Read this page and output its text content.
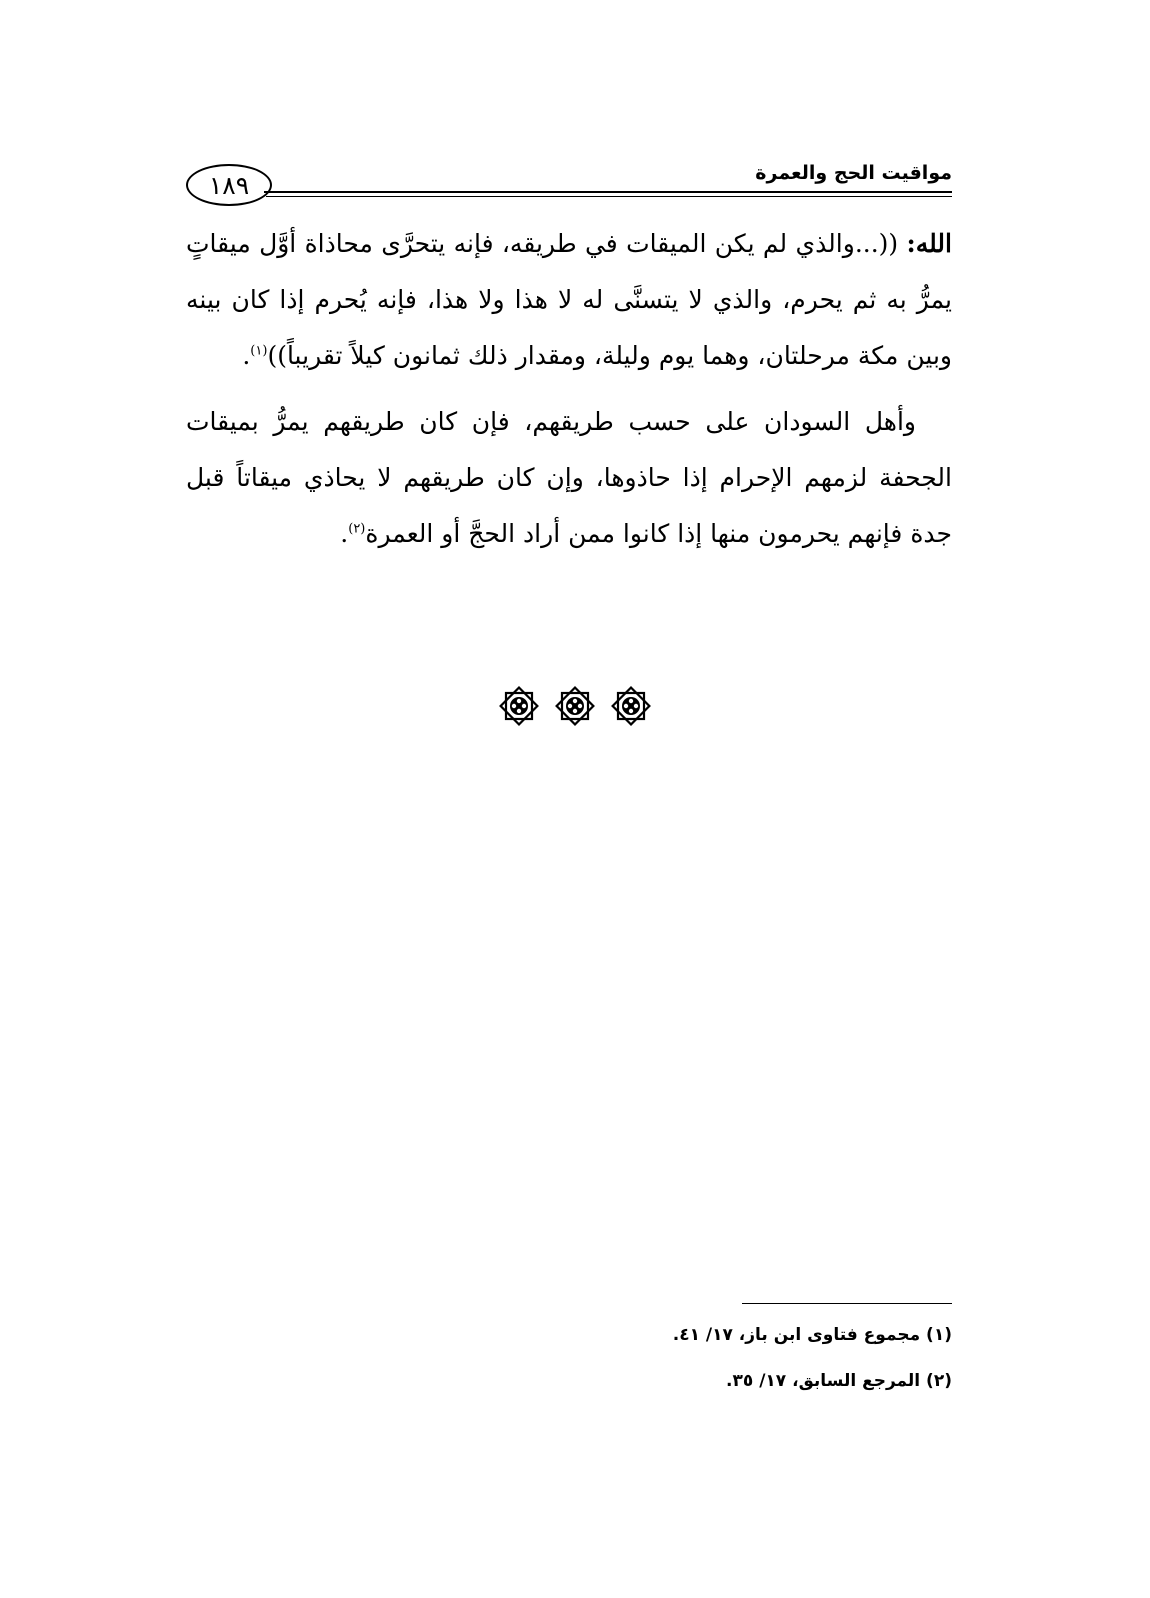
١٨٩	مواقيت الحج والعمرة

الله: ((...والذي لم يكن الميقات في طريقه، فإنه يتحرَّى محاذاة أوَّل ميقاتٍ يمرُّ به ثم يحرم، والذي لا يتسنَّى له لا هذا ولا هذا، فإنه يُحرم إذا كان بينه وبين مكة مرحلتان، وهما يوم وليلة، ومقدار ذلك ثمانون كيلاً تقريباً))$^{(١)}$.

وأهل السودان على حسب طريقهم، فإن كان طريقهم يمرُّ بميقات الجحفة لزمهم الإحرام إذا حاذوها، وإن كان طريقهم لا يحاذي ميقاتاً قبل جدة فإنهم يحرمون منها إذا كانوا ممن أراد الحجَّ أو العمرة$^{(٢)}$.

(١) مجموع فتاوى ابن باز، ١٧/ ٤١.
(٢) المرجع السابق، ١٧/ ٣٥.
